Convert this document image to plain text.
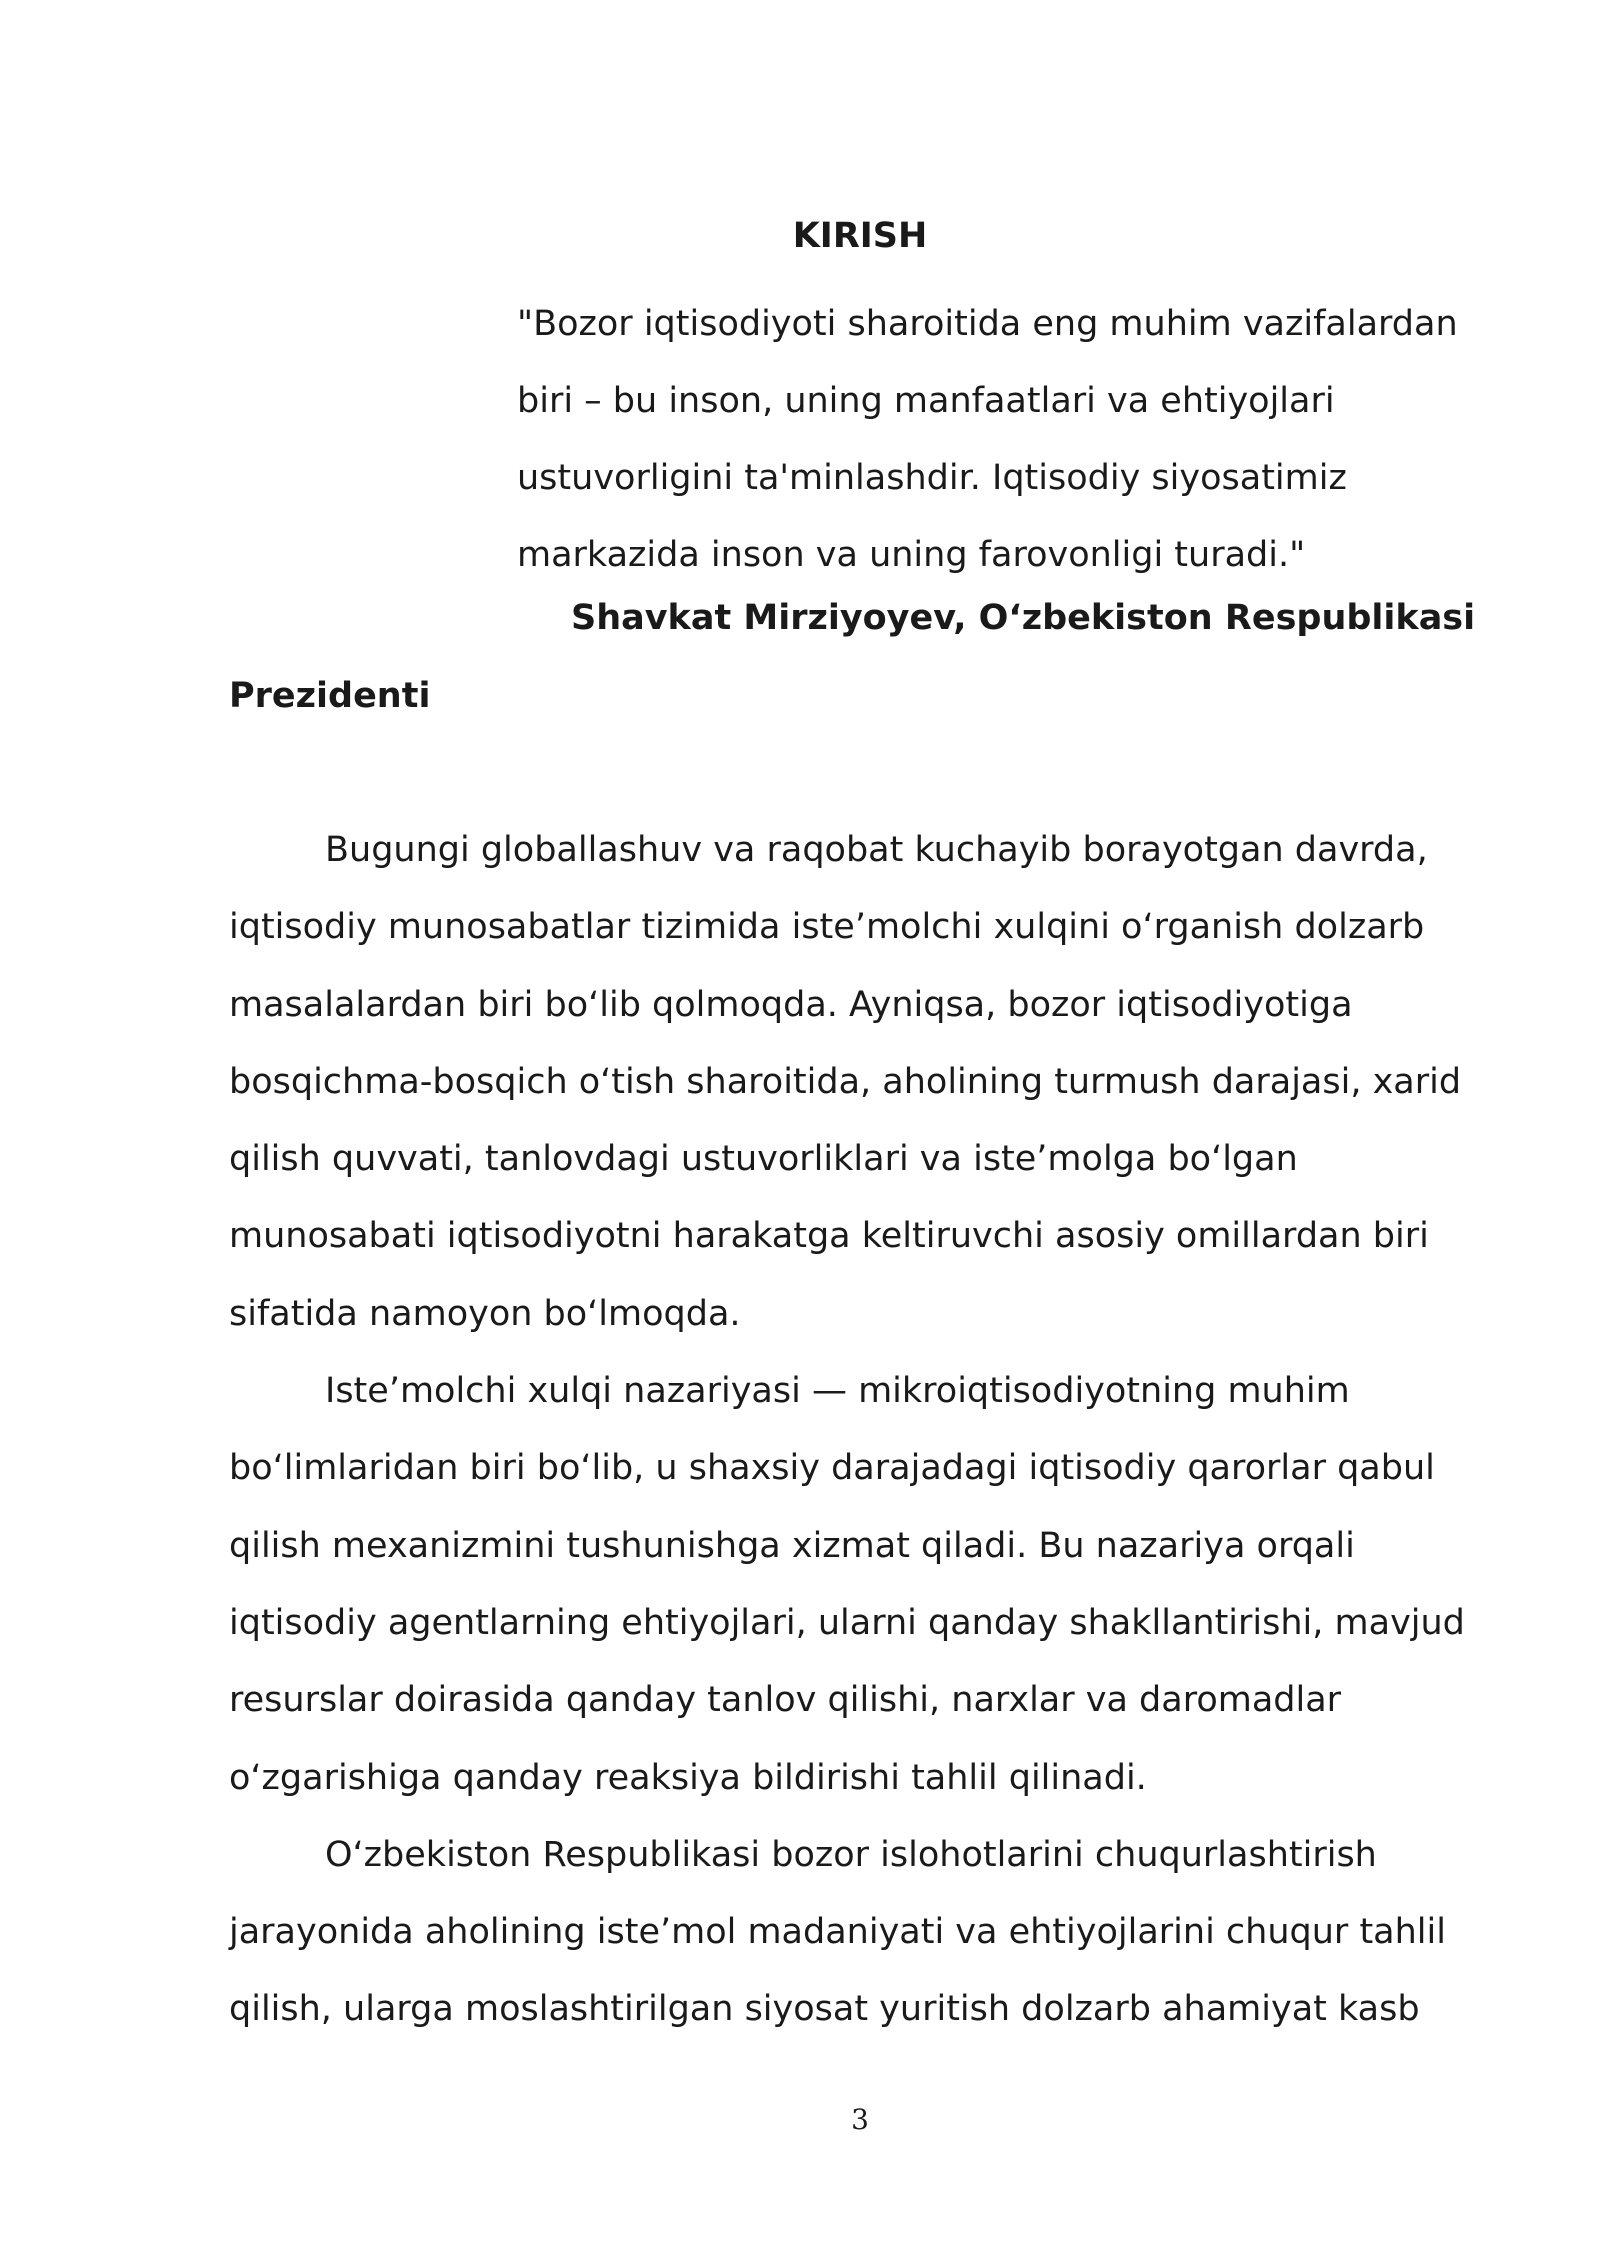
KIRISH

"Bozor iqtisodiyoti sharoitida eng muhim vazifalardan biri – bu inson, uning manfaatlari va ehtiyojlari ustuvorligini ta'minlashdir. Iqtisodiy siyosatimiz markazida inson va uning farovonligi turadi."

Shavkat Mirziyoyev, O‘zbekiston Respublikasi

Prezidenti

Bugungi globallashuv va raqobat kuchayib borayotgan davrda, iqtisodiy munosabatlar tizimida iste’molchi xulqini o‘rganish dolzarb masalalardan biri bo‘lib qolmoqda. Ayniqsa, bozor iqtisodiyotiga bosqichma-bosqich o‘tish sharoitida, aholining turmush darajasi, xarid qilish quvvati, tanlovdagi ustuvorliklari va iste’molga bo‘lgan munosabati iqtisodiyotni harakatga keltiruvchi asosiy omillardan biri sifatida namoyon bo‘lmoqda.

Iste’molchi xulqi nazariyasi — mikroiqtisodiyotning muhim bo‘limlaridan biri bo‘lib, u shaxsiy darajadagi iqtisodiy qarorlar qabul qilish mexanizmini tushunishga xizmat qiladi. Bu nazariya orqali iqtisodiy agentlarning ehtiyojlari, ularni qanday shakllantirishi, mavjud resurslar doirasida qanday tanlov qilishi, narxlar va daromadlar o‘zgarishiga qanday reaksiya bildirishi tahlil qilinadi.

O‘zbekiston Respublikasi bozor islohotlarini chuqurlashtirish jarayonida aholining iste’mol madaniyati va ehtiyojlarini chuqur tahlil qilish, ularga moslashtirilgan siyosat yuritish dolzarb ahamiyat kasb

3
